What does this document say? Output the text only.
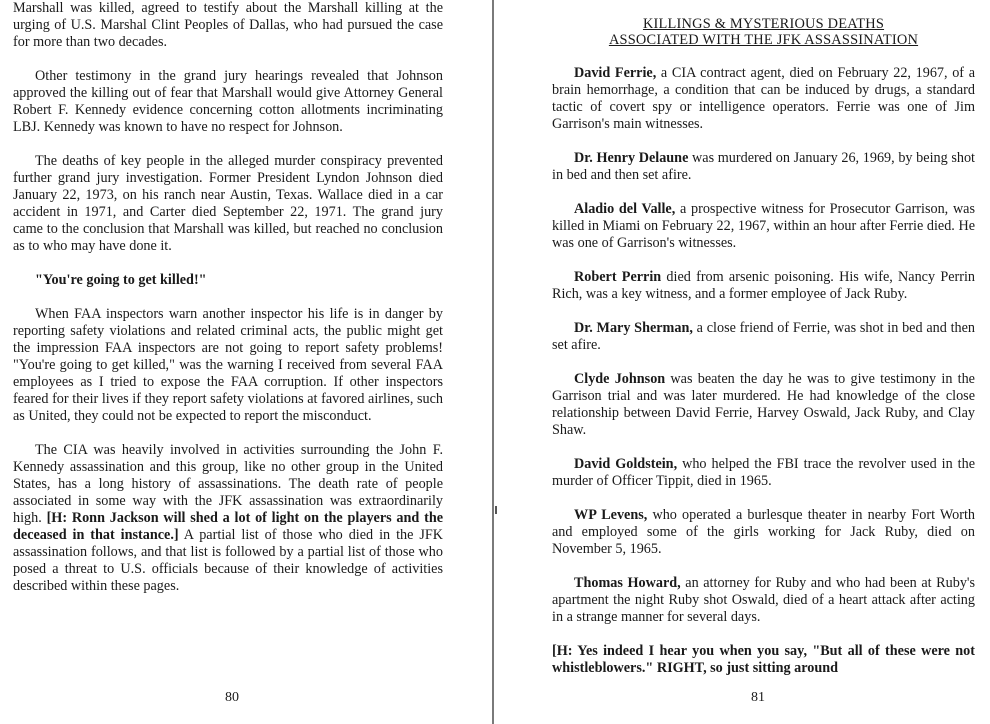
Marshall was killed, agreed to testify about the Marshall killing at the urging of U.S. Marshal Clint Peoples of Dallas, who had pursued the case for more than two decades.

Other testimony in the grand jury hearings revealed that Johnson approved the killing out of fear that Marshall would give Attorney General Robert F. Kennedy evidence concerning cotton allotments incriminating LBJ. Kennedy was known to have no respect for Johnson.

The deaths of key people in the alleged murder conspiracy prevented further grand jury investigation. Former President Lyndon Johnson died January 22, 1973, on his ranch near Austin, Texas. Wallace died in a car accident in 1971, and Carter died September 22, 1971. The grand jury came to the conclusion that Marshall was killed, but reached no conclusion as to who may have done it.

"You're going to get killed!"

When FAA inspectors warn another inspector his life is in danger by reporting safety violations and related criminal acts, the public might get the impression FAA inspectors are not going to report safety problems! "You're going to get killed," was the warning I received from several FAA employees as I tried to expose the FAA corruption. If other inspectors feared for their lives if they report safety violations at favored airlines, such as United, they could not be expected to report the misconduct.

The CIA was heavily involved in activities surrounding the John F. Kennedy assassination and this group, like no other group in the United States, has a long history of assassinations. The death rate of people associated in some way with the JFK assassination was extraordinarily high. [H: Ronn Jackson will shed a lot of light on the players and the deceased in that instance.] A partial list of those who died in the JFK assassination follows, and that list is followed by a partial list of those who posed a threat to U.S. officials because of their knowledge of activities described within these pages.

80
KILLINGS & MYSTERIOUS DEATHS
ASSOCIATED WITH THE JFK ASSASSINATION

David Ferrie, a CIA contract agent, died on February 22, 1967, of a brain hemorrhage, a condition that can be induced by drugs, a standard tactic of covert spy or intelligence operators. Ferrie was one of Jim Garrison's main witnesses.

Dr. Henry Delaune was murdered on January 26, 1969, by being shot in bed and then set afire.

Aladio del Valle, a prospective witness for Prosecutor Garrison, was killed in Miami on February 22, 1967, within an hour after Ferrie died. He was one of Garrison's witnesses.

Robert Perrin died from arsenic poisoning. His wife, Nancy Perrin Rich, was a key witness, and a former employee of Jack Ruby.

Dr. Mary Sherman, a close friend of Ferrie, was shot in bed and then set afire.

Clyde Johnson was beaten the day he was to give testimony in the Garrison trial and was later murdered. He had knowledge of the close relationship between David Ferrie, Harvey Oswald, Jack Ruby, and Clay Shaw.

David Goldstein, who helped the FBI trace the revolver used in the murder of Officer Tippit, died in 1965.

WP Levens, who operated a burlesque theater in nearby Fort Worth and employed some of the girls working for Jack Ruby, died on November 5, 1965.

Thomas Howard, an attorney for Ruby and who had been at Ruby's apartment the night Ruby shot Oswald, died of a heart attack after acting in a strange manner for several days.

[H: Yes indeed I hear you when you say, "But all of these were not whistleblowers." RIGHT, so just sitting around

81
